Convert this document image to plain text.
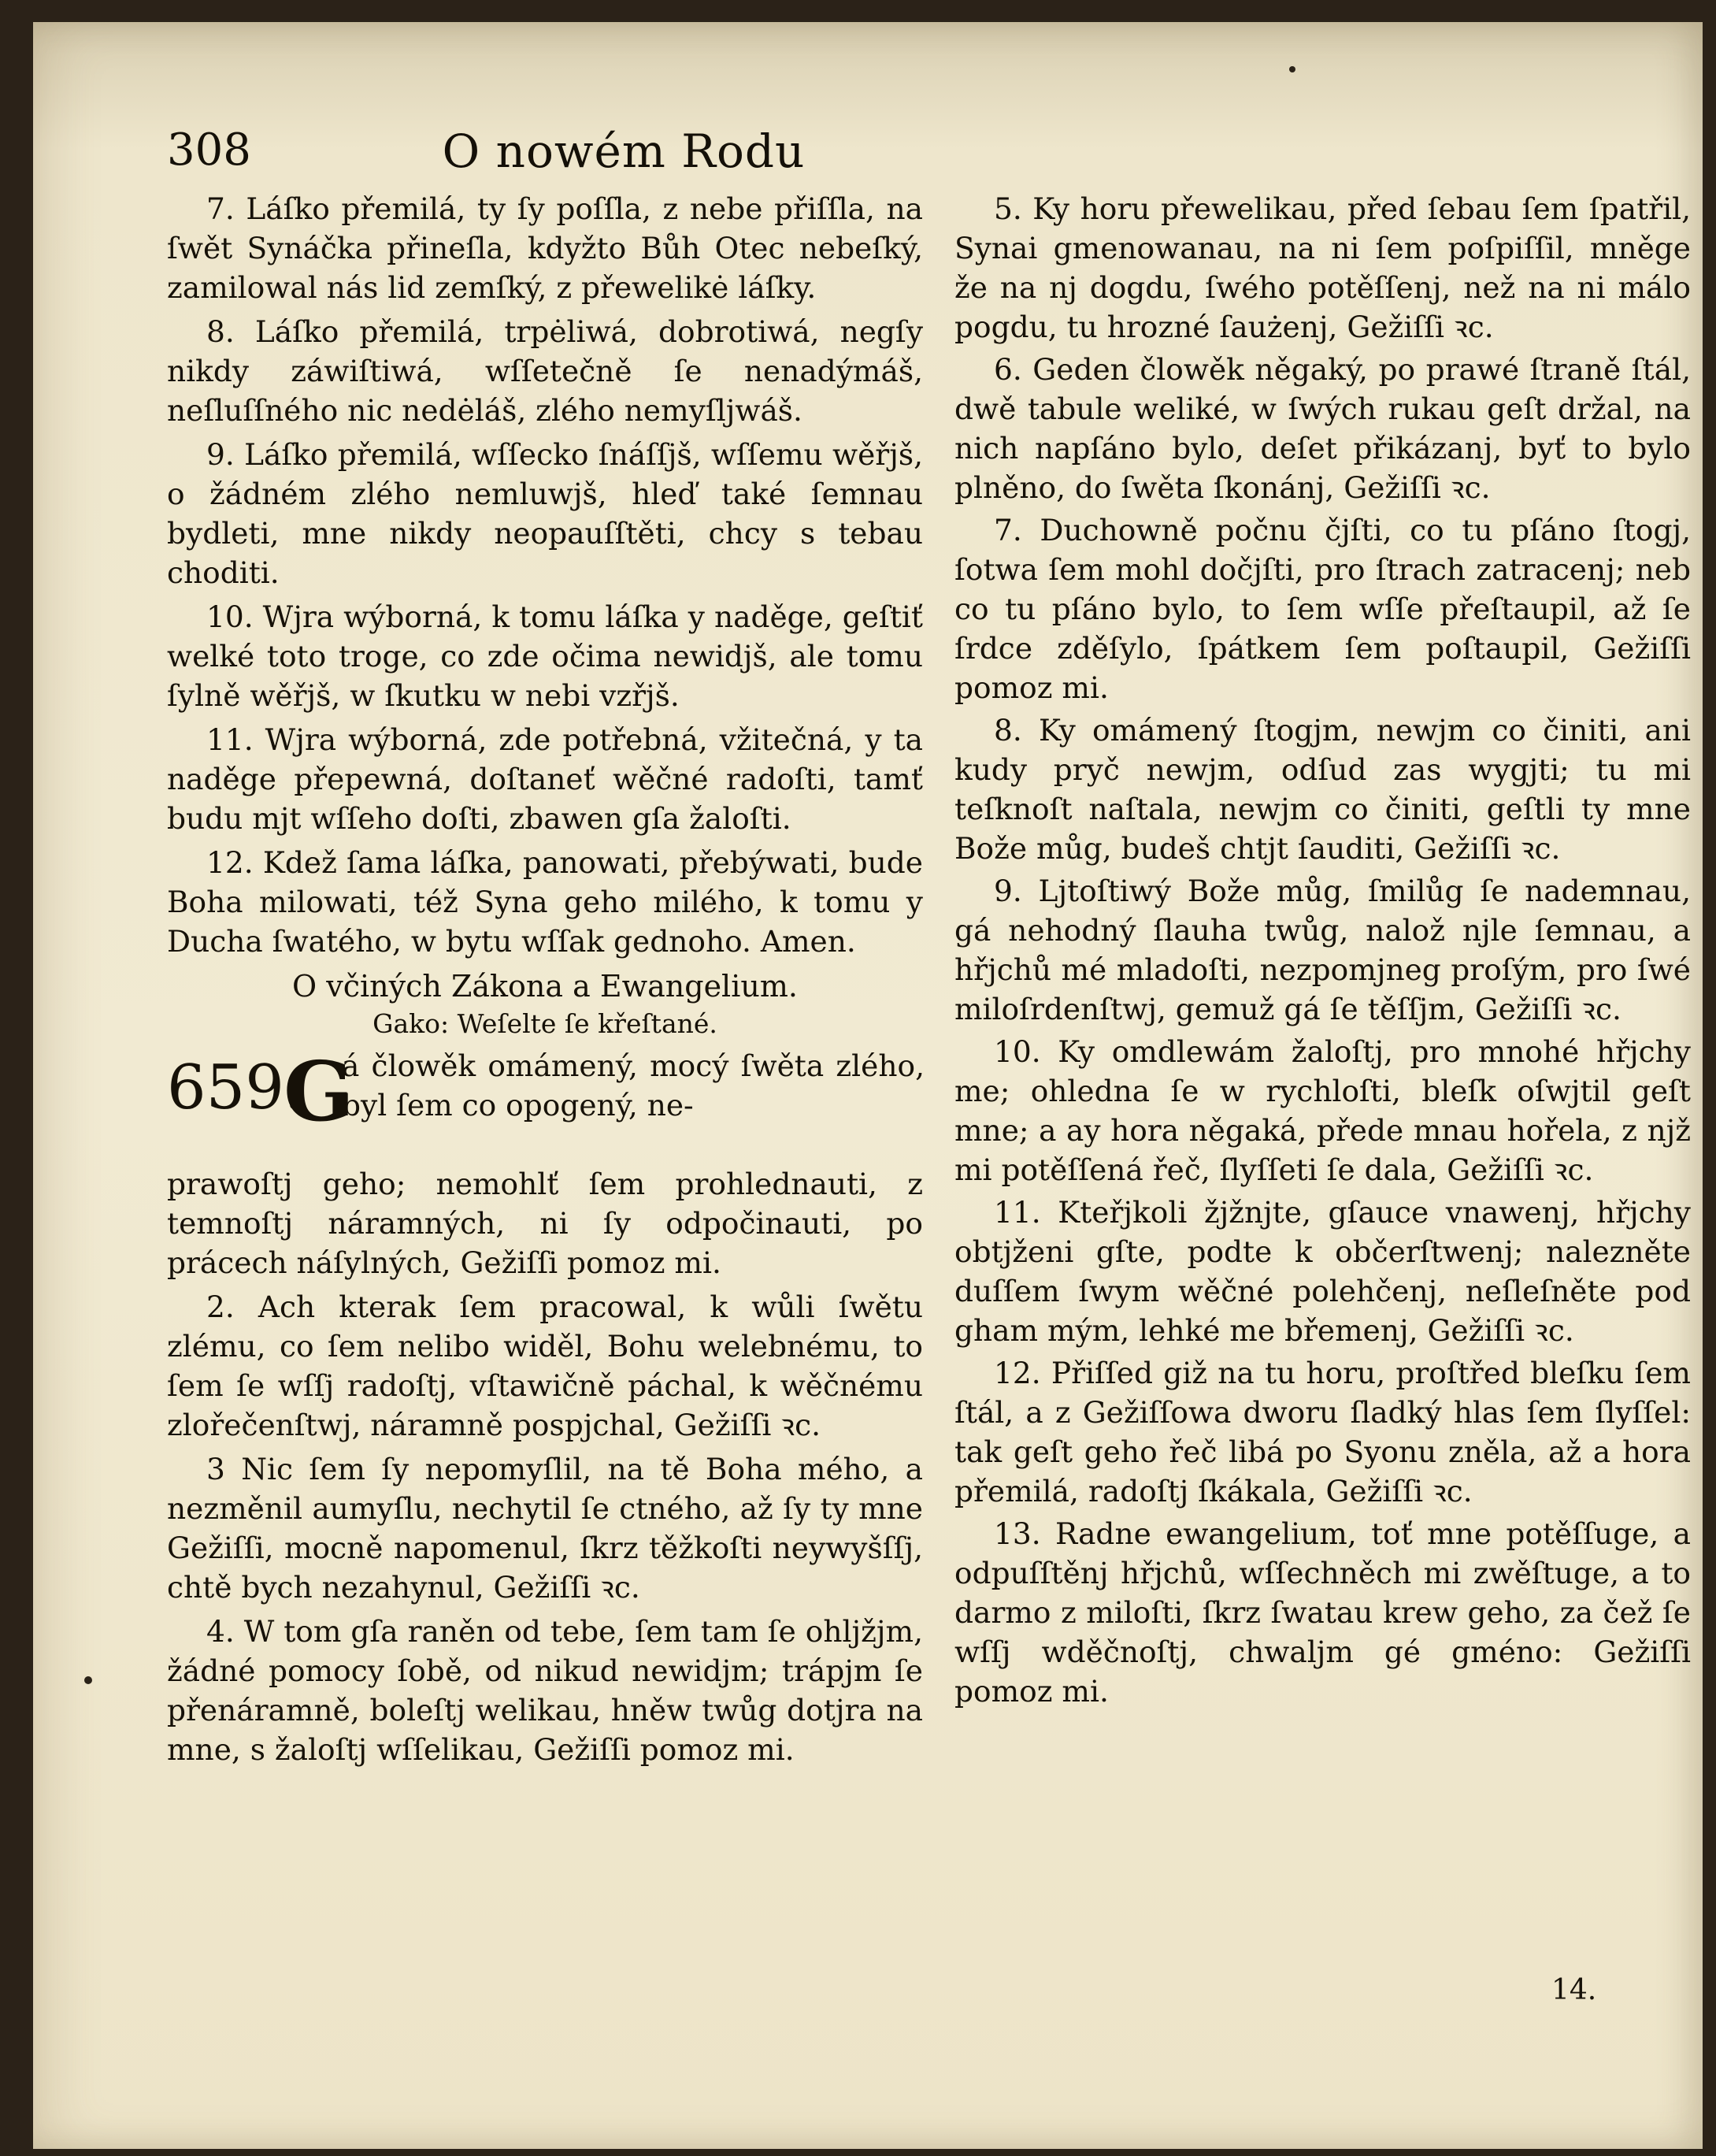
308	O nowém Rodu

7. Láſko přemilá, ty ſy poſſla, z nebe přiſſla, na ſwět Synáčka přineſla, kdyžto Bůh Otec nebeſký, zamilowal nás lid zemſký, z přewelikė láſky.

8. Láſko přemilá, trpėliwá, dobrotiwá, negſy nikdy záwiſtiwá, wſſetečně ſe nenadýmáš, neſluſſného nic nedėláš, zlého nemyſljwáš.

9. Láſko přemilá, wſſecko ſnáſſjš, wſſemu wěřjš, o žádném zlého nemluwjš, hleď také ſemnau bydleti, mne nikdy neopauſſtěti, chcy s tebau choditi.

10. Wjra wýborná, k tomu láſka y naděge, geſtiť welké toto troge, co zde očima newidjš, ale tomu ſylně wěřjš, w ſkutku w nebi vzřjš.

11. Wjra wýborná, zde potřebná, vžitečná, y ta naděge přepewná, doſtaneť wěčné radoſti, tamť budu mjt wſſeho doſti, zbawen gſa žaloſti.

12. Kdež ſama láſka, panowati, přebýwati, bude Boha milowati, též Syna geho milého, k tomu y Ducha ſwatého, w bytu wſſak gednoho. Amen.

O včiných Zákona a Ewangelium.
Gako: Weſelte ſe křeſtané.
659.
G
á člowěk omámený, mocý ſwěta zlého, byl ſem co opogený, ne-

prawoſtj geho; nemohlť ſem prohlednauti, z temnoſtj náramných, ni ſy odpočinauti, po prácech náſylných, Gežiſſi pomoz mi.

2. Ach kterak ſem pracowal, k wůli ſwětu zlému, co ſem nelibo widěl, Bohu welebnému, to ſem ſe wſſj radoſtj, vſtawičně páchal, k wěčnému zlořečenſtwj, náramně pospjchal, Gežiſſi ꝛc.

3 Nic ſem ſy nepomyſlil, na tě Boha mého, a nezměnil aumyſlu, nechytil ſe ctného, až ſy ty mne Gežiſſi, mocně napomenul, ſkrz těžkoſti neywyšſſj, chtě bych nezahynul, Gežiſſi ꝛc.

4. W tom gſa raněn od tebe, ſem tam ſe ohljžjm, žádné pomocy ſobě, od nikud newidjm; trápjm ſe přenáramně, boleſtj welikau, hněw twůg dotjra na mne, s žaloſtj wſſelikau, Gežiſſi pomoz mi.

5. Ky horu přewelikau, před ſebau ſem ſpatřil, Synai gmenowanau, na ni ſem poſpiſſil, mněge že na nj dogdu, ſwého potěſſenj, než na ni málo pogdu, tu hrozné ſaużenj, Gežiſſi ꝛc.

6. Geden člowěk něgaký, po prawé ſtraně ſtál, dwě tabule weliké, w ſwých rukau geſt držal, na nich napſáno bylo, deſet přikázanj, byť to bylo plněno, do ſwěta ſkonánj, Gežiſſi ꝛc.

7. Duchowně počnu čjſti, co tu pſáno ſtogj, ſotwa ſem mohl dočjſti, pro ſtrach zatracenj; neb co tu pſáno bylo, to ſem wſſe přeſtaupil, až ſe ſrdce zděſylo, ſpátkem ſem poſtaupil, Gežiſſi pomoz mi.

8. Ky omámený ſtogjm, newjm co činiti, ani kudy pryč newjm, odſud zas wygjti; tu mi teſknoſt naſtala, newjm co činiti, geſtli ty mne Bože můg, budeš chtjt ſauditi, Gežiſſi ꝛc.

9. Ljtoſtiwý Bože můg, ſmilůg ſe nademnau, gá nehodný ſlauha twůg, nalož njle ſemnau, a hřjchů mé mladoſti, nezpomjneg proſým, pro ſwé miloſrdenſtwj, gemuž gá ſe těſſjm, Gežiſſi ꝛc.

10. Ky omdlewám žaloſtj, pro mnohé hřjchy me; ohledna ſe w rychloſti, bleſk oſwjtil geſt mne; a ay hora něgaká, přede mnau hořela, z njž mi potěſſená řeč, ſlyſſeti ſe dala, Gežiſſi ꝛc.

11. Kteřjkoli žjžnjte, gſauce vnawenj, hřjchy obtjženi gſte, podte k občerſtwenj; nalezněte duſſem ſwym wěčné polehčenj, neſleſněte pod gham mým, lehké me břemenj, Gežiſſi ꝛc.

12. Přiſſed giž na tu horu, proſtřed bleſku ſem ſtál, a z Gežiſſowa dworu ſladký hlas ſem ſlyſſel: tak geſt geho řeč libá po Syonu zněla, až a hora přemilá, radoſtj ſkákala, Gežiſſi ꝛc.

13. Radne ewangelium, toť mne potěſſuge, a odpuſſtěnj hřjchů, wſſechněch mi zwěſtuge, a to darmo z miloſti, ſkrz ſwatau krew geho, za čež ſe wſſj wděčnoſtj, chwaljm gé gméno: Gežiſſi pomoz mi.

14.
